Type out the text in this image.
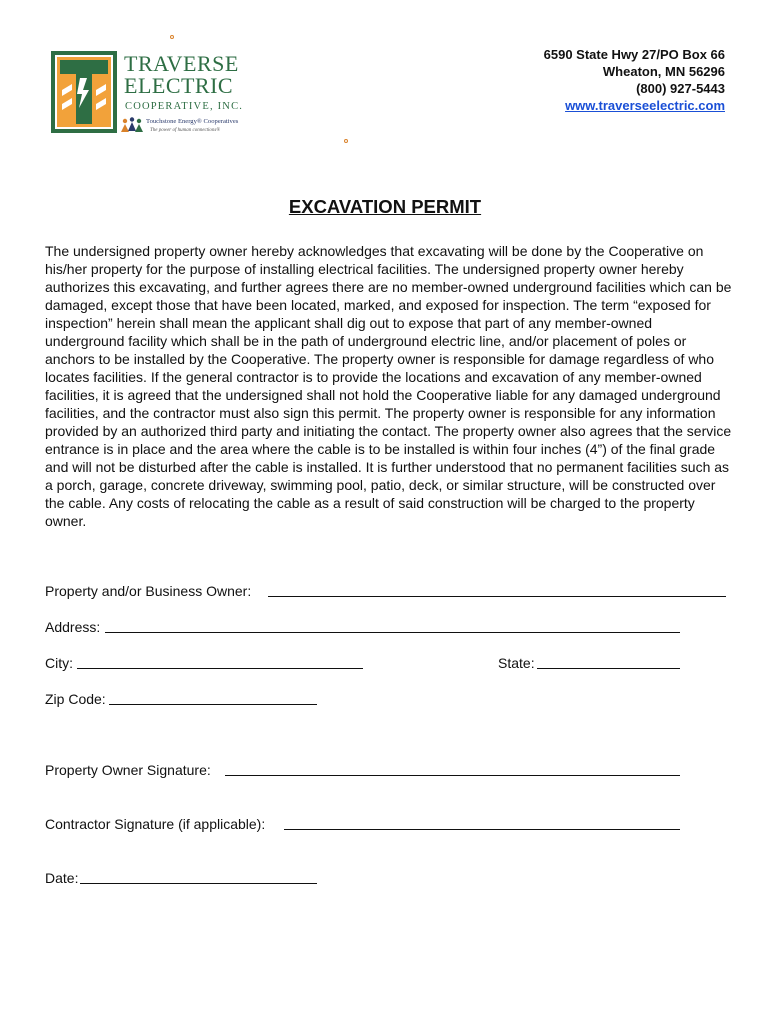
TRAVERSE
ELECTRIC
COOPERATIVE, INC.
Touchstone Energy® Cooperatives
The power of human connections®
6590 State Hwy 27/PO Box 66
Wheaton, MN 56296
(800) 927-5443
www.traverseelectric.com
EXCAVATION PERMIT

The undersigned property owner hereby acknowledges that excavating will be done by the Cooperative on his/her property for the purpose of installing electrical facilities. The undersigned property owner hereby authorizes this excavating, and further agrees there are no member-owned underground facilities which can be damaged, except those that have been located, marked, and exposed for inspection. The term “exposed for inspection” herein shall mean the applicant shall dig out to expose that part of any member-owned underground facility which shall be in the path of underground electric line, and/or placement of poles or anchors to be installed by the Cooperative. The property owner is responsible for damage regardless of who locates facilities. If the general contractor is to provide the locations and excavation of any member-owned facilities, it is agreed that the undersigned shall not hold the Cooperative liable for any damaged underground facilities, and the contractor must also sign this permit. The property owner is responsible for any information provided by an authorized third party and initiating the contact. The property owner also agrees that the service entrance is in place and the area where the cable is to be installed is within four inches (4”) of the final grade and will not be disturbed after the cable is installed. It is further understood that no permanent facilities such as a porch, garage, concrete driveway, swimming pool, patio, deck, or similar structure, will be constructed over the cable. Any costs of relocating the cable as a result of said construction will be charged to the property owner.

Property and/or Business Owner:
Address:
City:	State:
Zip Code:
Property Owner Signature:
Contractor Signature (if applicable):
Date:
